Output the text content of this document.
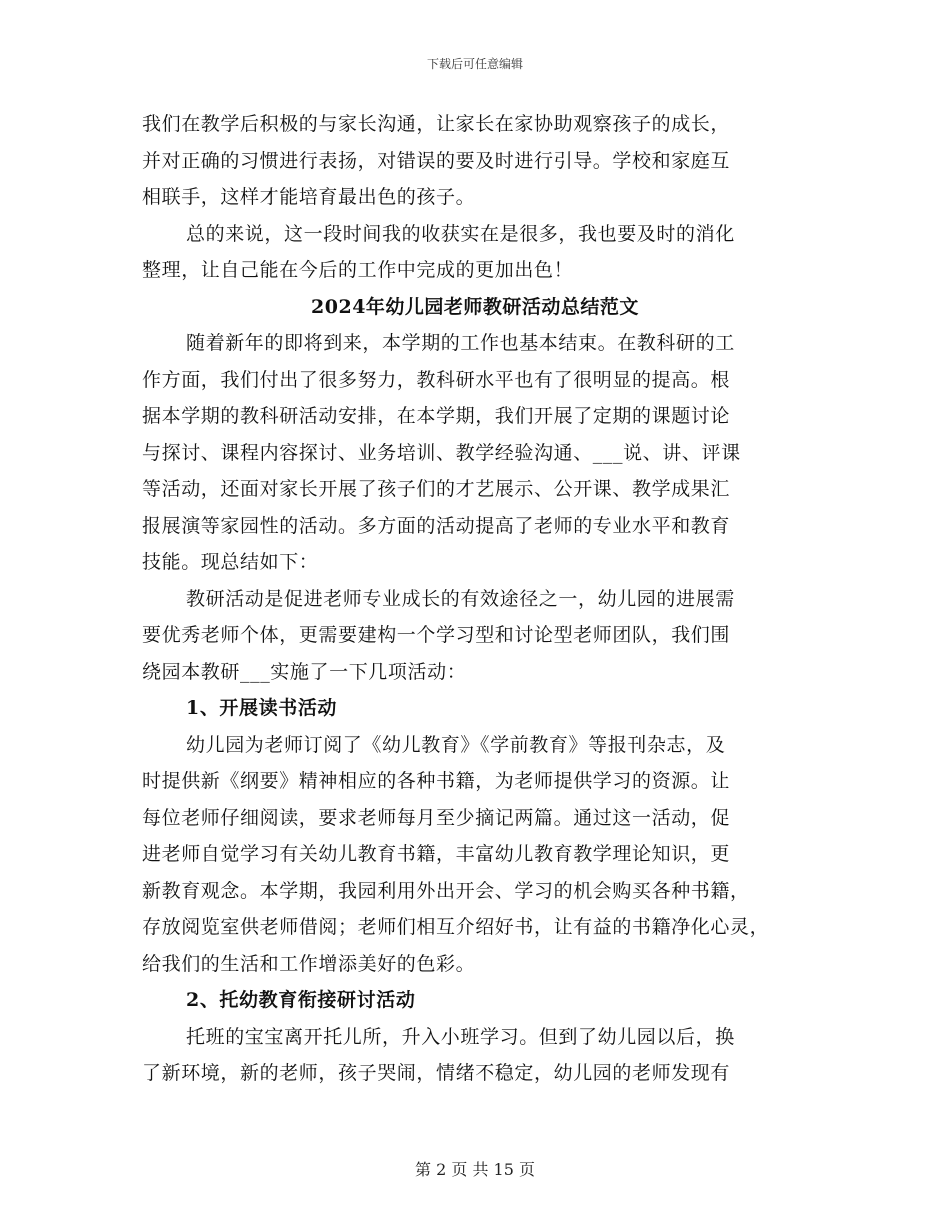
下载后可任意编辑
我们在教学后积极的与家长沟通，让家长在家协助观察孩子的成长，
并对正确的习惯进行表扬，对错误的要及时进行引导。学校和家庭互
相联手，这样才能培育最出色的孩子。
总的来说，这一段时间我的收获实在是很多，我也要及时的消化
整理，让自己能在今后的工作中完成的更加出色！
2024年幼儿园老师教研活动总结范文
随着新年的即将到来，本学期的工作也基本结束。在教科研的工
作方面，我们付出了很多努力，教科研水平也有了很明显的提高。根
据本学期的教科研活动安排，在本学期，我们开展了定期的课题讨论
与探讨、课程内容探讨、业务培训、教学经验沟通、___说、讲、评课
等活动，还面对家长开展了孩子们的才艺展示、公开课、教学成果汇
报展演等家园性的活动。多方面的活动提高了老师的专业水平和教育
技能。现总结如下：
教研活动是促进老师专业成长的有效途径之一，幼儿园的进展需
要优秀老师个体，更需要建构一个学习型和讨论型老师团队，我们围
绕园本教研___实施了一下几项活动：
1、开展读书活动
幼儿园为老师订阅了《幼儿教育》《学前教育》等报刊杂志，及
时提供新《纲要》精神相应的各种书籍，为老师提供学习的资源。让
每位老师仔细阅读，要求老师每月至少摘记两篇。通过这一活动，促
进老师自觉学习有关幼儿教育书籍，丰富幼儿教育教学理论知识，更
新教育观念。本学期，我园利用外出开会、学习的机会购买各种书籍，
存放阅览室供老师借阅；老师们相互介绍好书，让有益的书籍净化心灵，
给我们的生活和工作增添美好的色彩。
2、托幼教育衔接研讨活动
托班的宝宝离开托儿所，升入小班学习。但到了幼儿园以后，换
了新环境，新的老师，孩子哭闹，情绪不稳定，幼儿园的老师发现有
第 2 页 共 15 页
